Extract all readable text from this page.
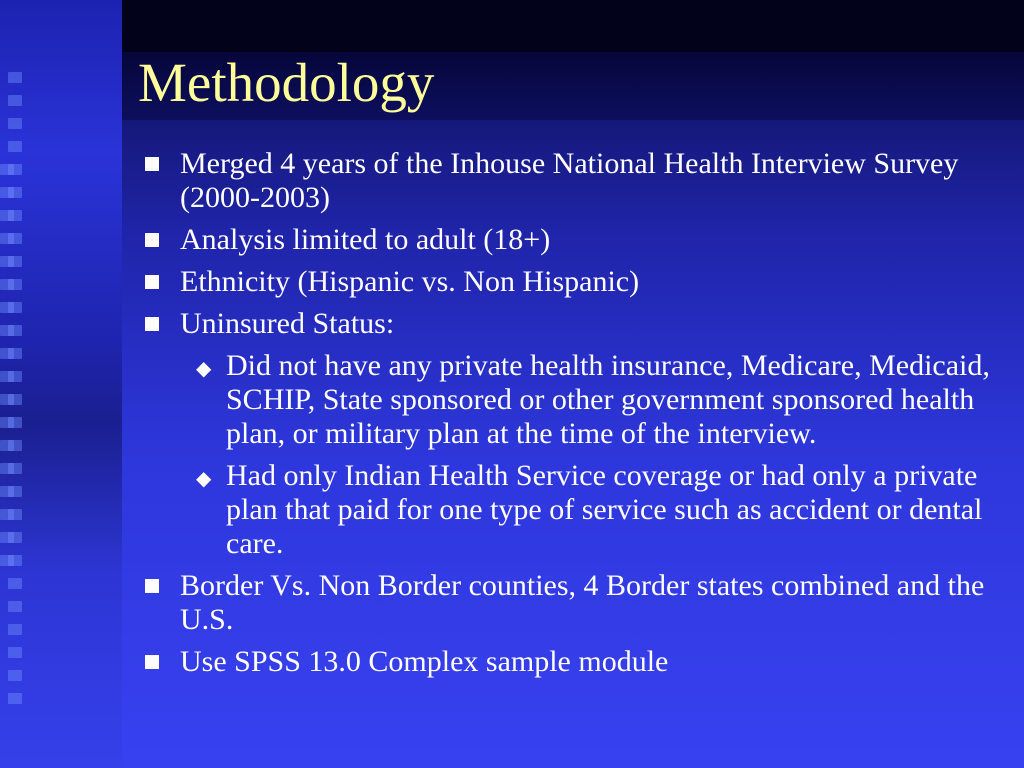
Methodology
Merged 4 years of the Inhouse National Health Interview Survey (2000-2003)
Analysis limited to adult (18+)
Ethnicity (Hispanic vs. Non Hispanic)
Uninsured Status:
◆ Did not have any private health insurance, Medicare, Medicaid, SCHIP, State sponsored or other government sponsored health plan, or military plan at the time of the interview.
◆ Had only Indian Health Service coverage or had only a private plan that paid for one type of service such as accident or dental care.
Border Vs. Non Border counties, 4 Border states combined and the U.S.
Use SPSS 13.0 Complex sample module
